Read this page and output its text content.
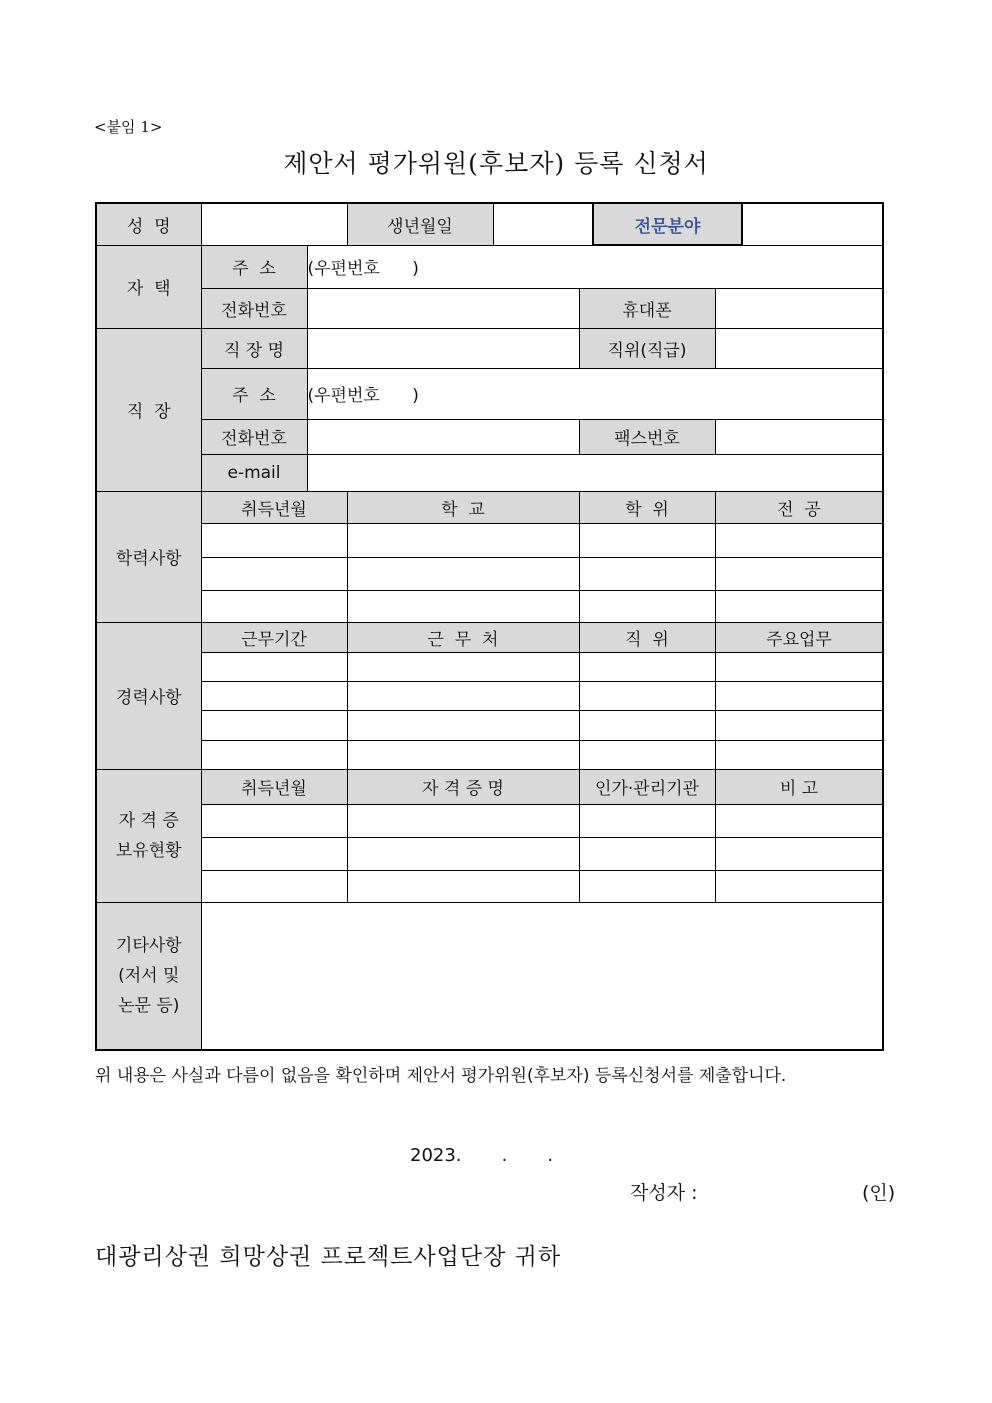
<붙임 1>
제안서 평가위원(후보자) 등록 신청서
성  명			생년월일			전문분야		
자  택	주  소	(우편번호      )						
	전화번호				휴대폰			
직  장	직 장 명				직위(직급)			
	주  소	(우편번호      )						
	전화번호				팩스번호			
	e-mail							
학력사항	취득년월		학  교		학  위		전  공	

경력사항	근무기간		근  무  처		직  위		주요업무	

자 격 증
보유현황	취득년월		자 격 증 명		인가·관리기관		비 고	

기타사항
(저서 및
논문 등)								

위 내용은 사실과 다름이 없음을 확인하며 제안서 평가위원(후보자) 등록신청서를 제출합니다.
2023.       .       .
작성자 :	(인)
대광리상권 희망상권 프로젝트사업단장 귀하
